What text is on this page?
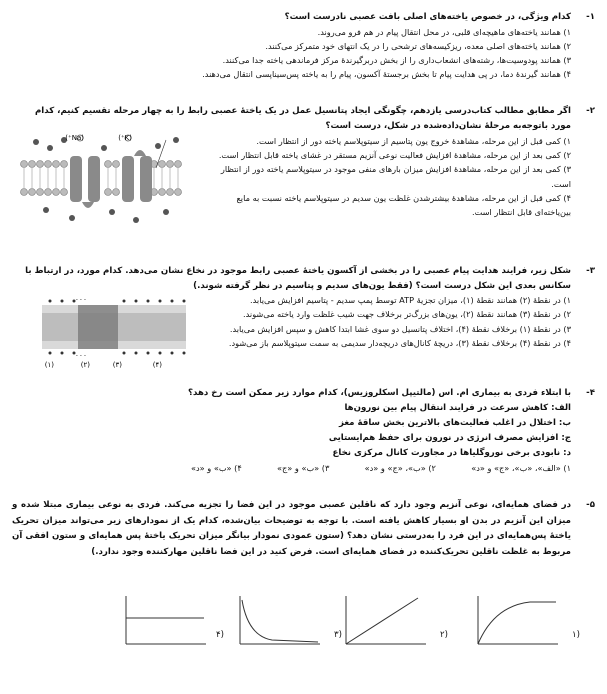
۱-
کدام ویژگی، در خصوص یاخته‌های اصلی بافت عصبی نادرست است؟
۱) همانند یاخته‌های ماهیچه‌ای قلبی، در محل انتقال پیام در هم فرو می‌روند.
۲) همانند یاخته‌های اصلی معده، ریزکیسه‌های ترشحی را در یک انتهای خود متمرکز می‌کنند.
۳) همانند پودوسیت‌ها، رشته‌های انشعاب‌داری را از بخش دربرگیرندهٔ مرکز فرماندهی یاخته جدا می‌کنند.
۴) همانند گیرندهٔ دما، در پی هدایت پیام تا بخش برجستهٔ آکسون، پیام را به یاخته پس‌سیناپسی انتقال می‌دهند.
۲-
اگر مطابق مطالب کتاب‌درسی یازدهم، چگونگی ایجاد پتانسیل عمل در یک یاختهٔ عصبی رابط را به چهار مرحله تقسیم کنیم، کدام مورد باتوجه‌به مرحلهٔ نشان‌داده‌شده در شکل، درست است؟
۱) کمی قبل از این مرحله، مشاهدهٔ خروج یون پتاسیم از سیتوپلاسم یاخته دور از انتظار است.
۲) کمی بعد از این مرحله، مشاهدهٔ افزایش فعالیت نوعی آنزیم مستقر در غشای یاخته قابل انتظار است.
۳) کمی بعد از این مرحله، مشاهدهٔ افزایش میزان بارهای منفی موجود در سیتوپلاسم یاخته دور از انتظار است.
۴) کمی قبل از این مرحله، مشاهدهٔ بیشترشدن غلظت یون سدیم در سیتوپلاسم یاخته نسبت به مایع بین‌یاخته‌ای قابل انتظار است.
(Na⁺)	(K⁺)
۳-
شکل زیر، فرایند هدایت پیام عصبی را در بخشی از آکسون یاختهٔ عصبی رابط موجود در نخاع نشان می‌دهد. کدام مورد، در ارتباط با سکانس بعدی این شکل درست است؟ (فقط یون‌های سدیم و پتاسیم در نظر گرفته شوند.)
۱) در نقطهٔ (۲) همانند نقطهٔ (۱)، میزان تجزیهٔ ATP توسط پمپ سدیم - پتاسیم افزایش می‌یابد.
۲) در نقطهٔ (۳) همانند نقطهٔ (۲)، یون‌های بزرگ‌تر برخلاف جهت شیب غلظت وارد یاخته می‌شوند.
۳) در نقطهٔ (۱) برخلاف نقطهٔ (۴)، اختلاف پتانسیل دو سوی غشا ابتدا کاهش و سپس افزایش می‌یابد.
۴) در نقطهٔ (۴) برخلاف نقطهٔ (۳)، دریچهٔ کانال‌های دریچه‌دار سدیمی به سمت سیتوپلاسم باز می‌شود.
- - -
- - -
(۱)	(۲)	(۳)	(۴)
۴-
با ابتلاء فردی به بیماری ام. اس (مالتیپل اسکلروزیس)، کدام موارد زیر ممکن است رخ دهد؟
الف: کاهش سرعت در فرایند انتقال پیام بین نورون‌ها
ب: اختلال در اغلب فعالیت‌های بالاترین بخش ساقهٔ مغز
ج: افزایش مصرف انرژی در نورون برای حفظ هم‌ایستایی
د: نابودی برخی نوروگلیاها در مجاورت کانال مرکزی نخاع
۱) «الف»، «ب»، «ج» و «د»
۲) «ب»، «ج» و «د»
۳) «ب» و «ج»
۴) «ب» و «د»
۵-
در فضای همایه‌ای، نوعی آنزیم وجود دارد که ناقلین عصبی موجود در این فضا را تجزیه می‌کند. فردی به نوعی بیماری مبتلا شده و میزان این آنزیم در بدن او بسیار کاهش یافته است. با توجه به توضیحات بیان‌شده، کدام یک از نمودارهای زیر می‌تواند میزان تحریک یاختهٔ پس‌همایه‌ای در این فرد را به‌درستی نشان دهد؟ (ستون عمودی نمودار بیانگر میزان تحریک یاختهٔ پس همایه‌ای و ستون افقی آن مربوط به غلظت ناقلین تحریک‌کننده در فضای همایه‌ای است. فرض کنید در این فضا ناقلین مهارکننده وجود ندارد.)
(۱
(۲
(۳
(۴
